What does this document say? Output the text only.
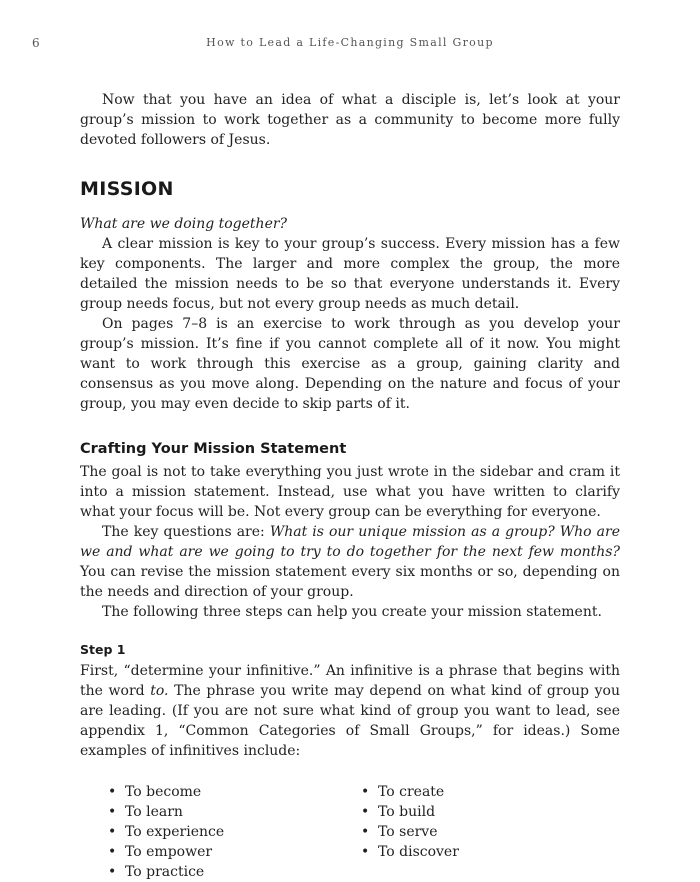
6	How to Lead a Life-Changing Small Group

Now that you have an idea of what a disciple is, let’s look at your group’s mission to work together as a community to become more fully devoted followers of Jesus.

MISSION

What are we doing together?

A clear mission is key to your group’s success. Every mission has a few key components. The larger and more complex the group, the more detailed the mission needs to be so that everyone understands it. Every group needs focus, but not every group needs as much detail.

On pages 7–8 is an exercise to work through as you develop your group’s mission. It’s fine if you cannot complete all of it now. You might want to work through this exercise as a group, gaining clarity and consensus as you move along. Depending on the nature and focus of your group, you may even decide to skip parts of it.

Crafting Your Mission Statement

The goal is not to take everything you just wrote in the sidebar and cram it into a mission statement. Instead, use what you have written to clarify what your focus will be. Not every group can be everything for everyone.

The key questions are: What is our unique mission as a group? Who are we and what are we going to try to do together for the next few months? You can revise the mission statement every six months or so, depending on the needs and direction of your group.

The following three steps can help you create your mission statement.

Step 1

First, “determine your infinitive.” An infinitive is a phrase that begins with the word to. The phrase you write may depend on what kind of group you are leading. (If you are not sure what kind of group you want to lead, see appendix 1, “Common Categories of Small Groups,” for ideas.) Some examples of infinitives include:

• To become
• To learn
• To experience
• To empower
• To practice
• To create
• To build
• To serve
• To discover
